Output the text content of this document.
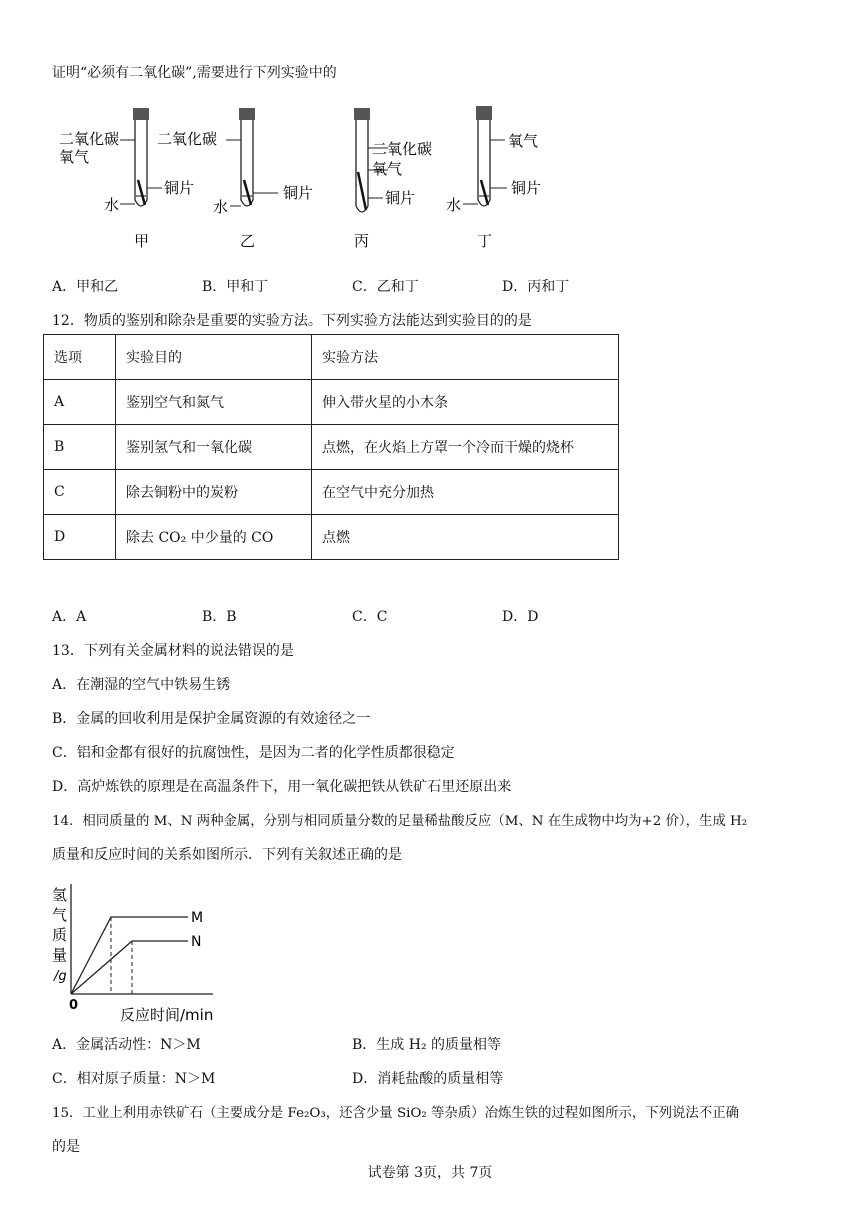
证明“必须有二氧化碳”,需要进行下列实验中的
二氧化碳
氧气
铜片
水
甲
二氧化碳
铜片
水
乙
二氧化碳
氧气
铜片
丙
氧气
铜片
水
丁
A．甲和乙	B．甲和丁	C．乙和丁	D．丙和丁
12．物质的鉴别和除杂是重要的实验方法。下列实验方法能达到实验目的的是
选项	实验目的	实验方法
A	鉴别空气和氮气	伸入带火星的小木条
B	鉴别氢气和一氧化碳	点燃，在火焰上方罩一个冷而干燥的烧杯
C	除去铜粉中的炭粉	在空气中充分加热
D	除去 CO₂ 中少量的 CO	点燃
A．A	B．B	C．C	D．D
13．下列有关金属材料的说法错误的是
A．在潮湿的空气中铁易生锈
B．金属的回收利用是保护金属资源的有效途径之一
C．铝和金都有很好的抗腐蚀性，是因为二者的化学性质都很稳定
D．高炉炼铁的原理是在高温条件下，用一氧化碳把铁从铁矿石里还原出来
14．相同质量的 M、N 两种金属，分别与相同质量分数的足量稀盐酸反应（M、N 在生成物中均为+2 价），生成 H₂
质量和反应时间的关系如图所示．下列有关叙述正确的是
氢
气
质
量
/g
0
M
N
反应时间/min
A．金属活动性：N＞M	B．生成 H₂ 的质量相等
C．相对原子质量：N＞M	D．消耗盐酸的质量相等
15．工业上利用赤铁矿石（主要成分是 Fe₂O₃，还含少量 SiO₂ 等杂质）冶炼生铁的过程如图所示，下列说法不正确
的是
试卷第 3页，共 7页
